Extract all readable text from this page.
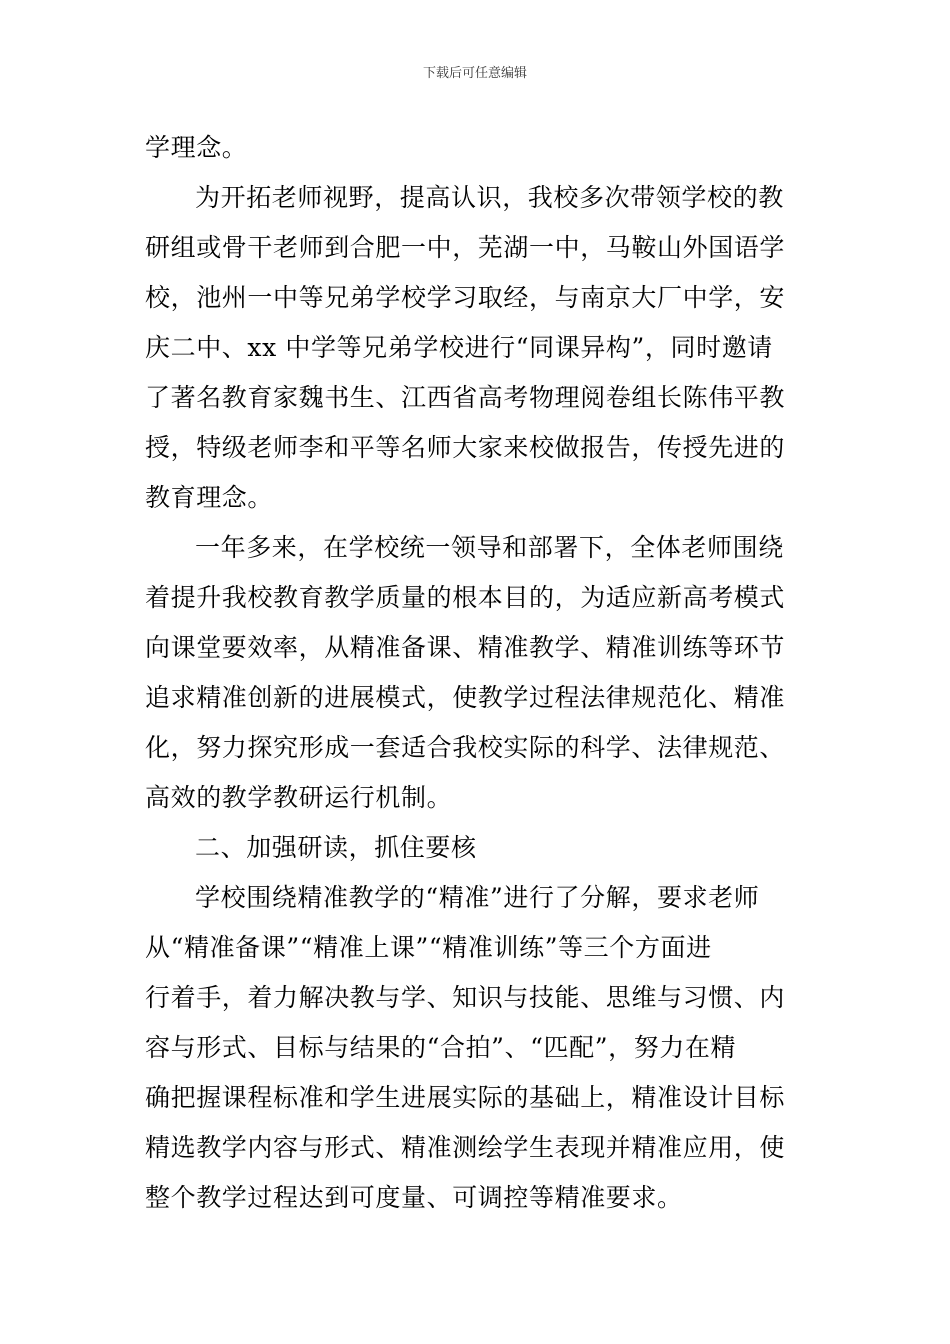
下载后可任意编辑
学理念。
为开拓老师视野，提高认识，我校多次带领学校的教
研组或骨干老师到合肥一中，芜湖一中，马鞍山外国语学
校，池州一中等兄弟学校学习取经，与南京大厂中学，安
庆二中、xx 中学等兄弟学校进行“同课异构”，同时邀请
了著名教育家魏书生、江西省高考物理阅卷组长陈伟平教
授，特级老师李和平等名师大家来校做报告，传授先进的
教育理念。
一年多来，在学校统一领导和部署下，全体老师围绕
着提升我校教育教学质量的根本目的，为适应新高考模式
向课堂要效率，从精准备课、精准教学、精准训练等环节
追求精准创新的进展模式，使教学过程法律规范化、精准
化，努力探究形成一套适合我校实际的科学、法律规范、
高效的教学教研运行机制。
二、加强研读，抓住要核
学校围绕精准教学的“精准”进行了分解，要求老师
从“精准备课”“精准上课”“精准训练”等三个方面进
行着手，着力解决教与学、知识与技能、思维与习惯、内
容与形式、目标与结果的“合拍”、“匹配”，努力在精
确把握课程标准和学生进展实际的基础上，精准设计目标
精选教学内容与形式、精准测绘学生表现并精准应用，使
整个教学过程达到可度量、可调控等精准要求。
